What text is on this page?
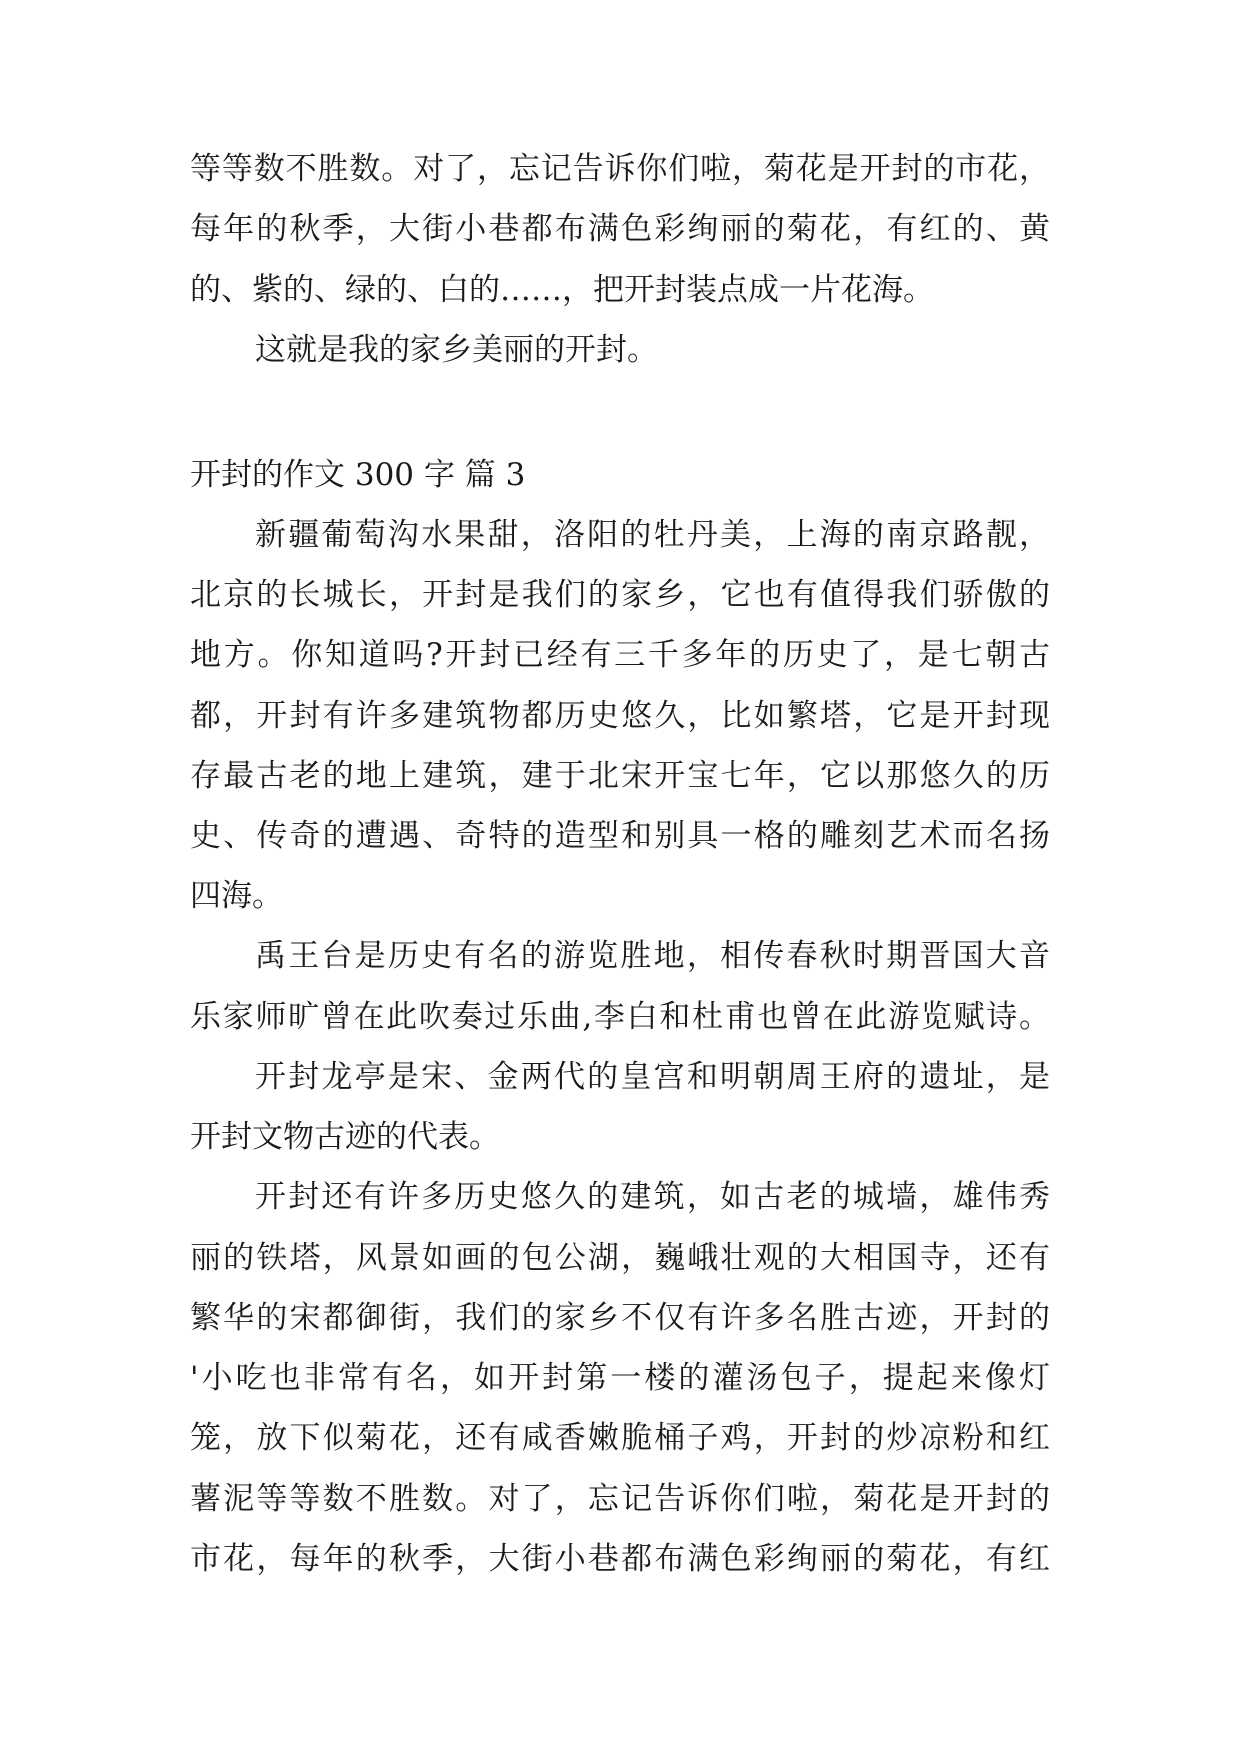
等等数不胜数。对了，忘记告诉你们啦，菊花是开封的市花，
每年的秋季，大街小巷都布满色彩绚丽的菊花，有红的、黄
的、紫的、绿的、白的……，把开封装点成一片花海。
这就是我的家乡美丽的开封。
开封的作文 300 字 篇 3
新疆葡萄沟水果甜，洛阳的牡丹美，上海的南京路靓，
北京的长城长，开封是我们的家乡，它也有值得我们骄傲的
地方。你知道吗?开封已经有三千多年的历史了，是七朝古
都，开封有许多建筑物都历史悠久，比如繁塔，它是开封现
存最古老的地上建筑，建于北宋开宝七年，它以那悠久的历
史、传奇的遭遇、奇特的造型和别具一格的雕刻艺术而名扬
四海。
禹王台是历史有名的游览胜地，相传春秋时期晋国大音
乐家师旷曾在此吹奏过乐曲,李白和杜甫也曾在此游览赋诗。
开封龙亭是宋、金两代的皇宫和明朝周王府的遗址，是
开封文物古迹的代表。
开封还有许多历史悠久的建筑，如古老的城墙，雄伟秀
丽的铁塔，风景如画的包公湖，巍峨壮观的大相国寺，还有
繁华的宋都御街，我们的家乡不仅有许多名胜古迹，开封的
'小吃也非常有名，如开封第一楼的灌汤包子，提起来像灯
笼，放下似菊花，还有咸香嫩脆桶子鸡，开封的炒凉粉和红
薯泥等等数不胜数。对了，忘记告诉你们啦，菊花是开封的
市花，每年的秋季，大街小巷都布满色彩绚丽的菊花，有红
